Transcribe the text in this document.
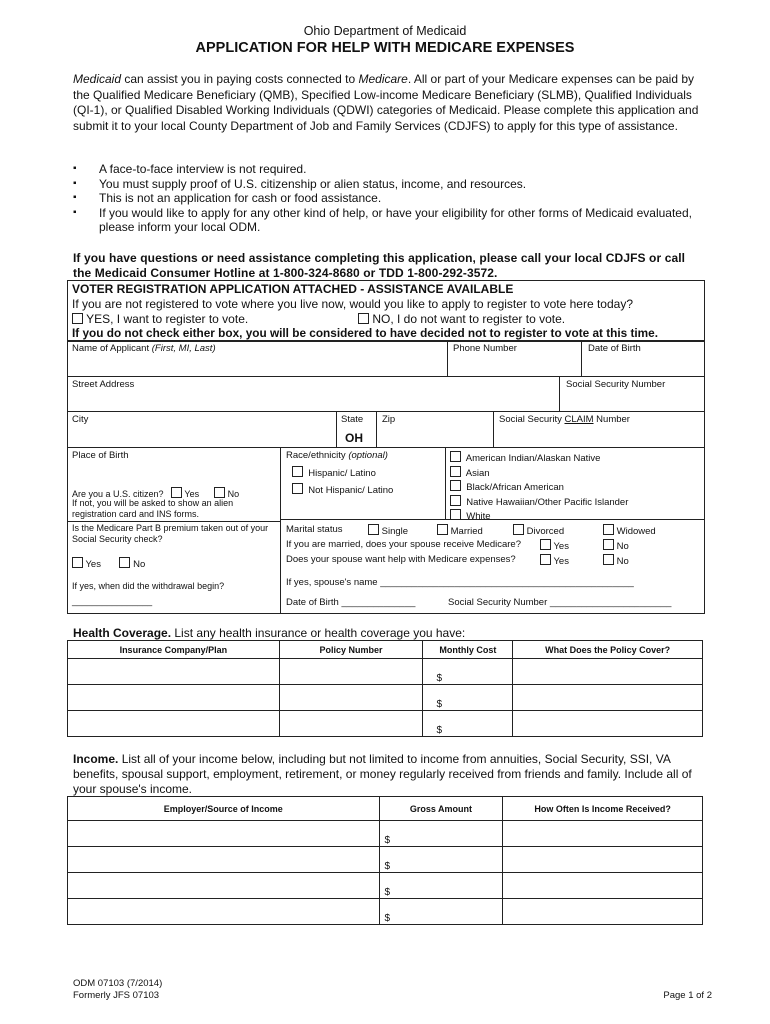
Ohio Department of Medicaid
APPLICATION FOR HELP WITH MEDICARE EXPENSES
Medicaid can assist you in paying costs connected to Medicare. All or part of your Medicare expenses can be paid by the Qualified Medicare Beneficiary (QMB), Specified Low-income Medicare Beneficiary (SLMB), Qualified Individuals (QI-1), or Qualified Disabled Working Individuals (QDWI) categories of Medicaid. Please complete this application and submit it to your local County Department of Job and Family Services (CDJFS) to apply for this type of assistance.
▪ A face-to-face interview is not required.
▪ You must supply proof of U.S. citizenship or alien status, income, and resources.
▪ This is not an application for cash or food assistance.
▪ If you would like to apply for any other kind of help, or have your eligibility for other forms of Medicaid evaluated, please inform your local ODM.
If you have questions or need assistance completing this application, please call your local CDJFS or call the Medicaid Consumer Hotline at 1-800-324-8680 or TDD 1-800-292-3572.
VOTER REGISTRATION APPLICATION ATTACHED - ASSISTANCE AVAILABLE
If you are not registered to vote where you live now, would you like to apply to register to vote here today?
YES, I want to register to vote.	NO, I do not want to register to vote.
If you do not check either box, you will be considered to have decided not to register to vote at this time.
Name of Applicant (First, MI, Last)	Phone Number	Date of Birth
Street Address	Social Security Number
City	State
OH
Zip	Social Security CLAIM Number
Place of Birth
Are you a U.S. citizen? Yes	No
If not, you will be asked to show an alien registration card and INS forms.
Race/ethnicity (optional)
Hispanic/ Latino
Not Hispanic/ Latino
American Indian/Alaskan Native
Asian
Black/African American
Native Hawaiian/Other Pacific Islander
White
Is the Medicare Part B premium taken out of your Social Security check?
Yes	No
If yes, when did the withdrawal begin?
________________
Marital status	Single	Married	Divorced	Widowed
If you are married, does your spouse receive Medicare?	Yes	No
Does your spouse want help with Medicare expenses?	Yes	No
If yes, spouse's name ________________________________________________
Date of Birth ______________	Social Security Number _______________________
Health Coverage. List any health insurance or health coverage you have:
Insurance Company/Plan	Policy Number	Monthly Cost	What Does the Policy Cover?
		$	
		$	
		$	
Income. List all of your income below, including but not limited to income from annuities, Social Security, SSI, VA benefits, spousal support, employment, retirement, or money regularly received from friends and family. Include all of your spouse's income.
Employer/Source of Income	Gross Amount	How Often Is Income Received?
	$	
	$	
	$	
	$	
ODM 07103 (7/2014)
Formerly JFS 07103	Page 1 of 2
